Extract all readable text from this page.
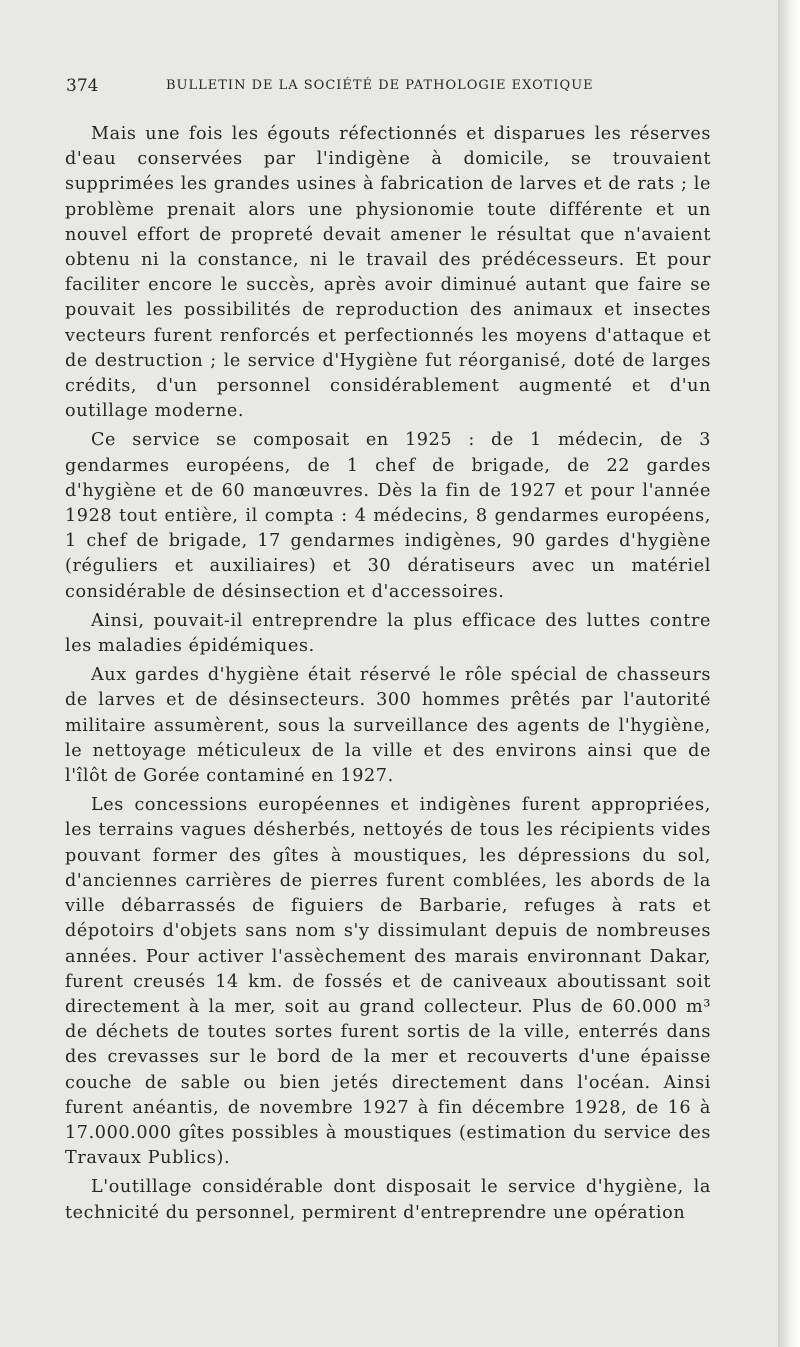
374	BULLETIN DE LA SOCIÉTÉ DE PATHOLOGIE EXOTIQUE

Mais une fois les égouts réfectionnés et disparues les réserves d'eau conservées par l'indigène à domicile, se trouvaient supprimées les grandes usines à fabrication de larves et de rats ; le problème prenait alors une physionomie toute différente et un nouvel effort de propreté devait amener le résultat que n'avaient obtenu ni la constance, ni le travail des prédécesseurs. Et pour faciliter encore le succès, après avoir diminué autant que faire se pouvait les possibilités de reproduction des animaux et insectes vecteurs furent renforcés et perfectionnés les moyens d'attaque et de destruction ; le service d'Hygiène fut réorganisé, doté de larges crédits, d'un personnel considérablement augmenté et d'un outillage moderne.

Ce service se composait en 1925 : de 1 médecin, de 3 gendarmes européens, de 1 chef de brigade, de 22 gardes d'hygiène et de 60 manœuvres. Dès la fin de 1927 et pour l'année 1928 tout entière, il compta : 4 médecins, 8 gendarmes européens, 1 chef de brigade, 17 gendarmes indigènes, 90 gardes d'hygiène (réguliers et auxiliaires) et 30 dératiseurs avec un matériel considérable de désinsection et d'accessoires.

Ainsi, pouvait-il entreprendre la plus efficace des luttes contre les maladies épidémiques.

Aux gardes d'hygiène était réservé le rôle spécial de chasseurs de larves et de désinsecteurs. 300 hommes prêtés par l'autorité militaire assumèrent, sous la surveillance des agents de l'hygiène, le nettoyage méticuleux de la ville et des environs ainsi que de l'îlôt de Gorée contaminé en 1927.

Les concessions européennes et indigènes furent appropriées, les terrains vagues désherbés, nettoyés de tous les récipients vides pouvant former des gîtes à moustiques, les dépressions du sol, d'anciennes carrières de pierres furent comblées, les abords de la ville débarrassés de figuiers de Barbarie, refuges à rats et dépotoirs d'objets sans nom s'y dissimulant depuis de nombreuses années. Pour activer l'assèchement des marais environnant Dakar, furent creusés 14 km. de fossés et de caniveaux aboutissant soit directement à la mer, soit au grand collecteur. Plus de 60.000 m³ de déchets de toutes sortes furent sortis de la ville, enterrés dans des crevasses sur le bord de la mer et recouverts d'une épaisse couche de sable ou bien jetés directement dans l'océan. Ainsi furent anéantis, de novembre 1927 à fin décembre 1928, de 16 à 17.000.000 gîtes possibles à moustiques (estimation du service des Travaux Publics).

L'outillage considérable dont disposait le service d'hygiène, la technicité du personnel, permirent d'entreprendre une opération
